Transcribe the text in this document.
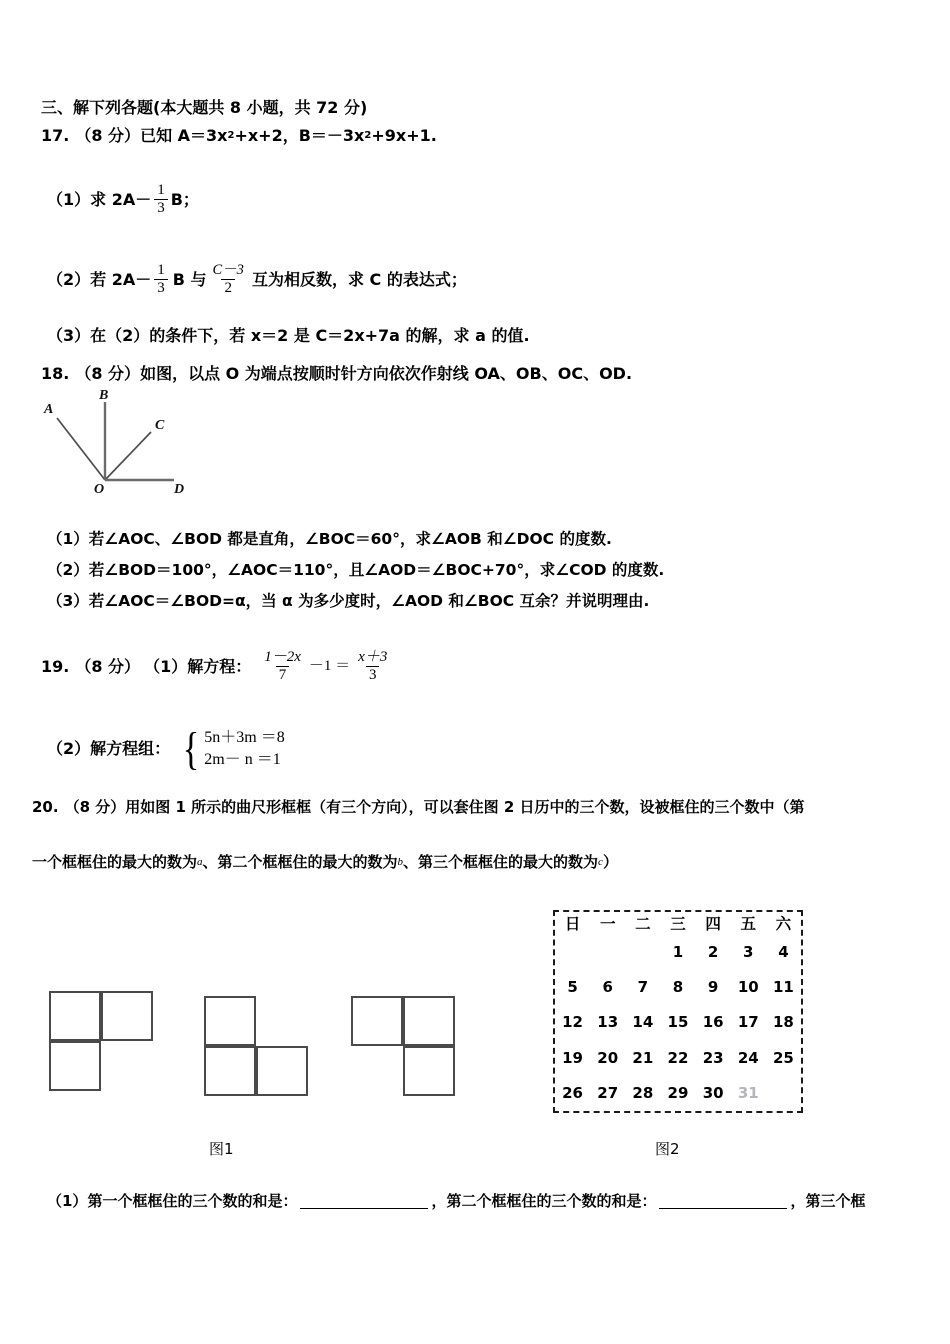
三、解下列各题(本大题共 8 小题，共 72 分)
17. （8 分） 已知 A＝3x 2 +x+2，B＝－3x 2 +9x+1.
（1） 求 $2A- \frac{1}{3}$ B；
（2） 若 $2A- \frac{1}{3}$ B 与 $\frac{C-3}{2}$ 互为相反数，求 C 的表达式；
（3）在（2）的条件下，若 x＝2 是 C＝2x+7a 的解，求 a 的值.
18. （8 分） 如图，以点 O 为端点按顺时针方向依次作射线 OA、OB、OC、OD.
A
B
C
D
O
（1）若∠AOC、∠BOD 都是直角，∠BOC＝60°，求∠AOB 和∠DOC 的度数.
（2）若∠BOD＝100°，∠AOC＝110°，且∠AOD＝∠BOC+70°，求∠COD 的度数.
（3）若∠AOC＝∠BOD=α，当 α 为多少度时，∠AOD 和∠BOC 互余？并说明理由.
19. （8 分） （1） 解方程： $\frac{1-2x}{7} -1 = \frac{x+3}{3}$
（2） 解方程组： { 5n＋3m ＝8
2m－ n ＝1
20. （8 分） 用如图 1 所示的曲尺形框框（有三个方向），可以套住图 2 日历中的三个数，设被框住的三个数中（第
一个框框住的最大的数为 a 、第二个框框住的最大的数为 b 、第三个框框住的最大的数为 c ）
日	一	二	三	四	五	六
			1	2	3	4
5	6	7	8	9	10	11
12	13	14	15	16	17	18
19	20	21	22	23	24	25
26	27	28	29	30	31	
图1	图2
（1） 第一个框框住的三个数的和是：	，第二个框框住的三个数的和是：	，第三个框
